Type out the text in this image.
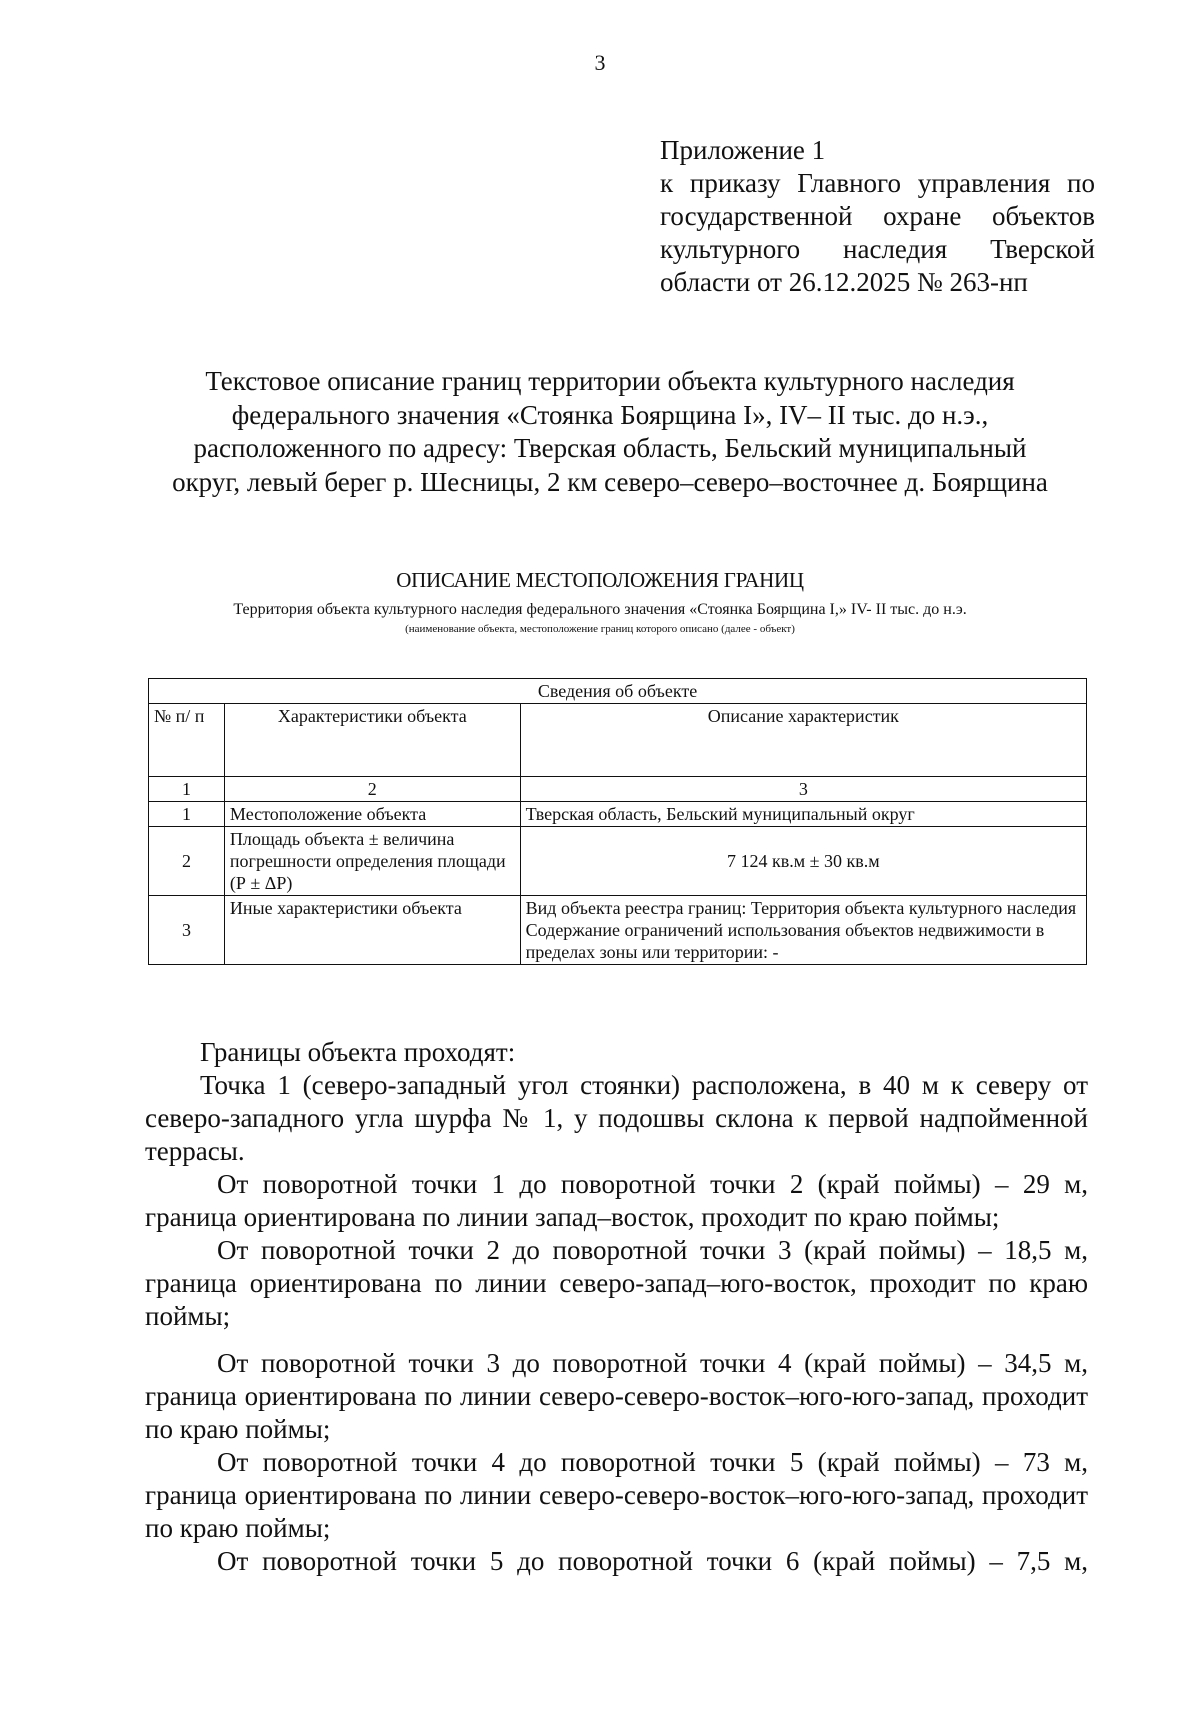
3
Приложение 1
к приказу Главного управления по
государственной охране объектов
культурного наследия Тверской
области от 26.12.2025 № 263-нп
Текстовое описание границ территории объекта культурного наследия
федерального значения «Стоянка Боярщина I», IV– II тыс. до н.э.,
расположенного по адресу: Тверская область, Бельский муниципальный
округ, левый берег р. Шесницы, 2 км северо–северо–восточнее д. Боярщина
ОПИСАНИЕ МЕСТОПОЛОЖЕНИЯ ГРАНИЦ
Территория объекта культурного наследия федерального значения «Стоянка Боярщина I,» IV- II тыс. до н.э.
(наименование объекта, местоположение границ которого описано (далее - объект)
Сведения об объекте		
№ п/ п	Характеристики объекта	Описание характеристик
1	2	3
1	Местоположение объекта	Тверская область, Бельский муниципальный округ
2	Площадь объекта ± величина погрешности определения площади (Р ± ΔР)	7 124 кв.м ± 30 кв.м
3	Иные характеристики объекта	Вид объекта реестра границ: Территория объекта культурного наследия
Содержание ограничений использования объектов недвижимости в пределах зоны или территории: -
Границы объекта проходят:
Точка 1 (северо-западный угол стоянки) расположена, в 40 м к северу от северо-западного угла шурфа № 1, у подошвы склона к первой надпойменной террасы.
От поворотной точки 1 до поворотной точки 2 (край поймы) – 29 м, граница ориентирована по линии запад–восток, проходит по краю поймы;
От поворотной точки 2 до поворотной точки 3 (край поймы) – 18,5 м, граница ориентирована по линии северо-запад–юго-восток, проходит по краю поймы;
От поворотной точки 3 до поворотной точки 4 (край поймы) – 34,5 м, граница ориентирована по линии северо-северо-восток–юго-юго-запад, проходит по краю поймы;
От поворотной точки 4 до поворотной точки 5 (край поймы) – 73 м, граница ориентирована по линии северо-северо-восток–юго-юго-запад, проходит по краю поймы;
От поворотной точки 5 до поворотной точки 6 (край поймы) – 7,5 м,
